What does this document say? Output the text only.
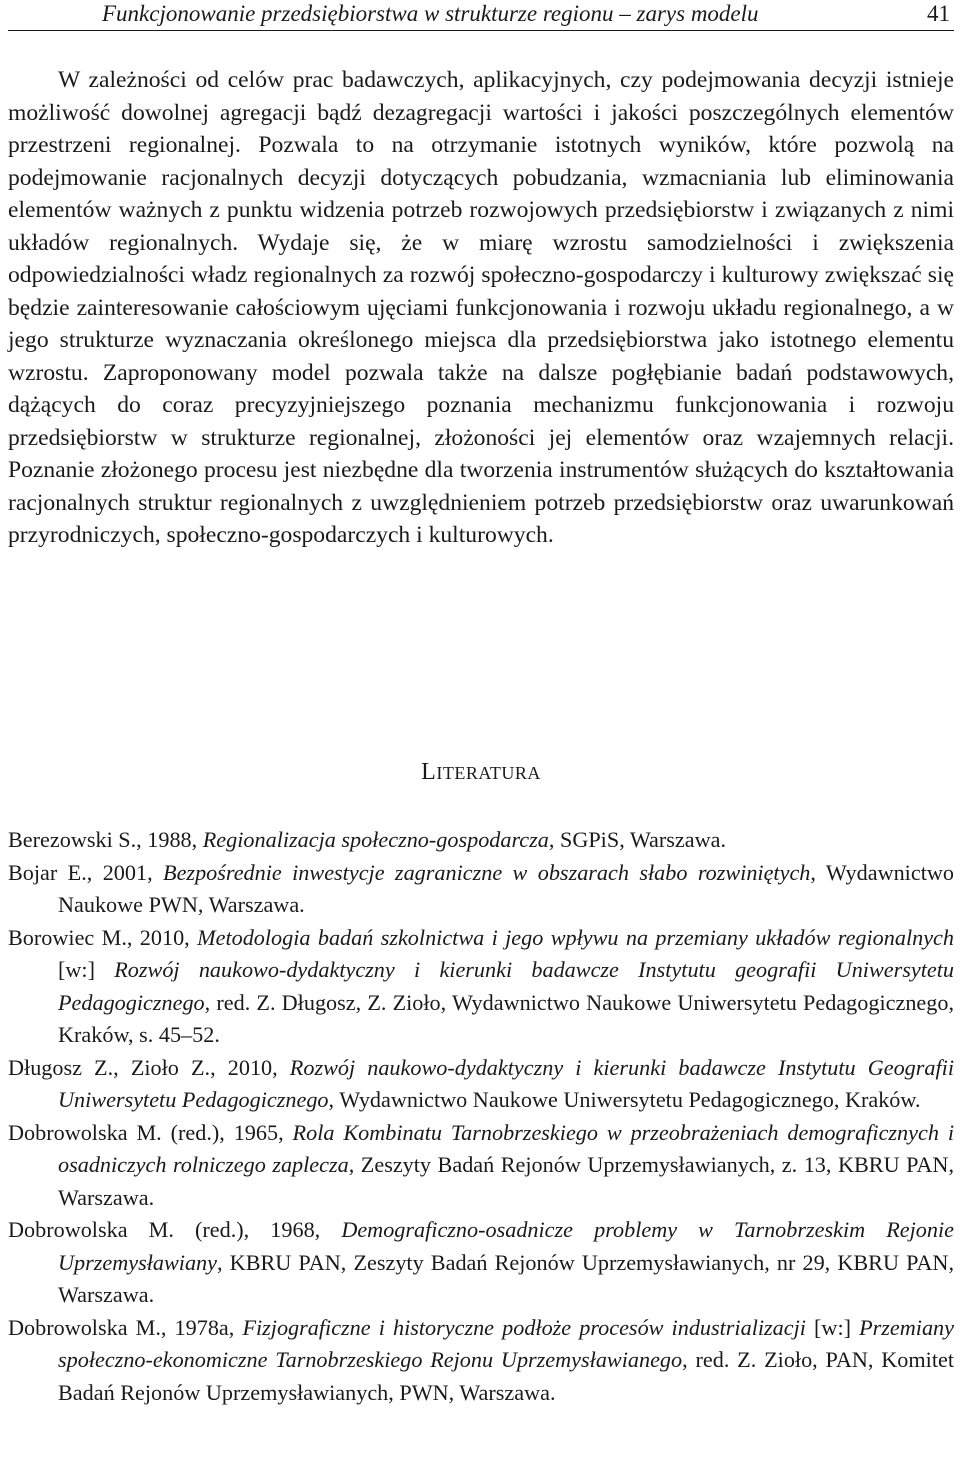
Funkcjonowanie przedsiębiorstwa w strukturze regionu – zarys modelu	41

W zależności od celów prac badawczych, aplikacyjnych, czy podejmowania decyzji istnieje możliwość dowolnej agregacji bądź dezagregacji wartości i jakości poszczególnych elementów przestrzeni regionalnej. Pozwala to na otrzymanie istotnych wyników, które pozwolą na podejmowanie racjonalnych decyzji dotyczących pobudzania, wzmacniania lub eliminowania elementów ważnych z punktu widzenia potrzeb rozwojowych przedsiębiorstw i związanych z nimi układów regionalnych. Wydaje się, że w miarę wzrostu samodzielności i zwiększenia odpowiedzialności władz regionalnych za rozwój społeczno-gospodarczy i kulturowy zwiększać się będzie zainteresowanie całościowym ujęciami funkcjonowania i rozwoju układu regionalnego, a w jego strukturze wyznaczania określonego miejsca dla przedsiębiorstwa jako istotnego elementu wzrostu. Zaproponowany model pozwala także na dalsze pogłębianie badań podstawowych, dążących do coraz precyzyjniejszego poznania mechanizmu funkcjonowania i rozwoju przedsiębiorstw w strukturze regionalnej, złożoności jej elementów oraz wzajemnych relacji. Poznanie złożonego procesu jest niezbędne dla tworzenia instrumentów służących do kształtowania racjonalnych struktur regionalnych z uwzględnieniem potrzeb przedsiębiorstw oraz uwarunkowań przyrodniczych, społeczno-gospodarczych i kulturowych.

LITERATURA

Berezowski S., 1988, Regionalizacja społeczno-gospodarcza, SGPiS, Warszawa.

Bojar E., 2001, Bezpośrednie inwestycje zagraniczne w obszarach słabo rozwiniętych, Wydawnictwo Naukowe PWN, Warszawa.

Borowiec M., 2010, Metodologia badań szkolnictwa i jego wpływu na przemiany układów regionalnych [w:] Rozwój naukowo-dydaktyczny i kierunki badawcze Instytutu geografii Uniwersytetu Pedagogicznego, red. Z. Długosz, Z. Zioło, Wydawnictwo Naukowe Uniwersytetu Pedagogicznego, Kraków, s. 45–52.

Długosz Z., Zioło Z., 2010, Rozwój naukowo-dydaktyczny i kierunki badawcze Instytutu Geografii Uniwersytetu Pedagogicznego, Wydawnictwo Naukowe Uniwersytetu Pedagogicznego, Kraków.

Dobrowolska M. (red.), 1965, Rola Kombinatu Tarnobrzeskiego w przeobrażeniach demograficznych i osadniczych rolniczego zaplecza, Zeszyty Badań Rejonów Uprzemysławianych, z. 13, KBRU PAN, Warszawa.

Dobrowolska M. (red.), 1968, Demograficzno-osadnicze problemy w Tarnobrzeskim Rejonie Uprzemysławiany, KBRU PAN, Zeszyty Badań Rejonów Uprzemysławianych, nr 29, KBRU PAN, Warszawa.

Dobrowolska M., 1978a, Fizjograficzne i historyczne podłoże procesów industrializacji [w:] Przemiany społeczno-ekonomiczne Tarnobrzeskiego Rejonu Uprzemysławianego, red. Z. Zioło, PAN, Komitet Badań Rejonów Uprzemysławianych, PWN, Warszawa.
